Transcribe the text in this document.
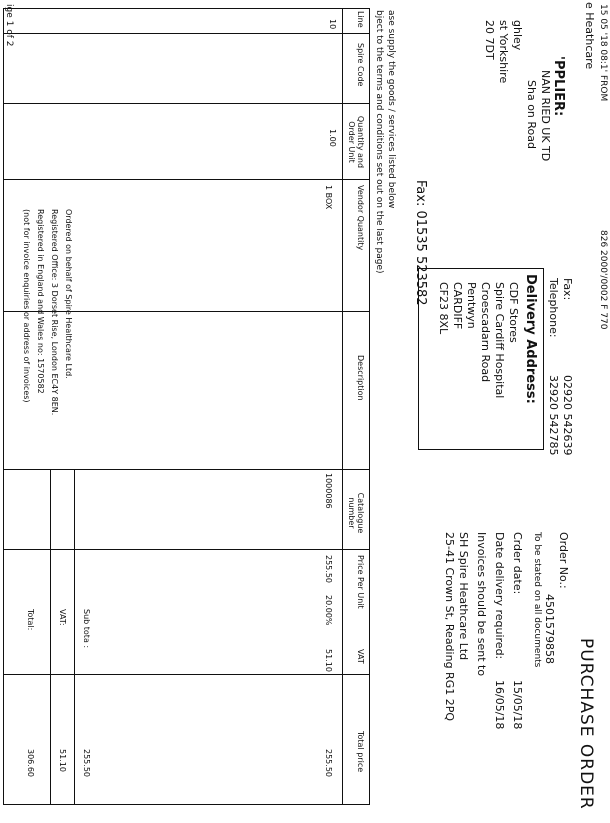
15 05 '18 08:1' FROM
ige 1 of 2
826 2000'/0002 F 770
e Heathcare
'PPLIER:
NAN RIED UK TD
Sha on Road
ghley
st Yorkshire
20 7DT
Fax: 01535 523582	Fax:
02920 542639
Telephone:
32920 542785
Delivery Address:
CDF Stores
Spire Cardiff Hospital
Croescadarn Road
Pentwyn
CARDIFF
CF23 8XL
PURCHASE ORDER
Order No.:
4501579858
To be stated on all documents
Crder date:
15/05/18
Date delivery required:
16/05/18
Invoices should be sent to
SH Spire Heathcare Ltd
25-41 Crown St, Reading RG1 2PQ
ase supply the goods / services listed below
bject to the terms and conditions set out on the last page)
Line
Spire Code
Quantity and Order Unit
Vendor Quantity
Description
Catalogue number
Price Per Unit
VAT
Total price
10
1.00
1 BOX
1000086
255.50
20.00%
51.10
255.50
Sub tota :
255.50
VAT:
51.10
Total:
306.60
Ordered on behalf of Spire Healthcare Ltd.
Registered Office: 3 Dorset Rise, London EC4Y 8EN.
Registered in England and Wales no: 1570582
(not for invoice enquiries or address of invoices)
